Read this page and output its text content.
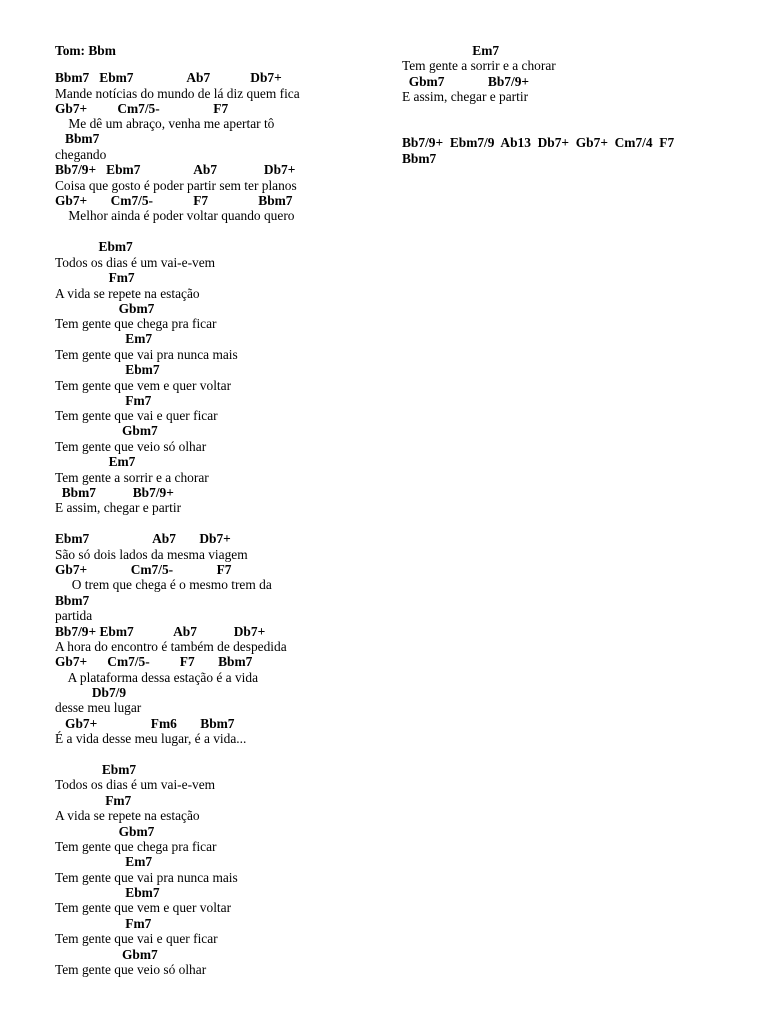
Tom: Bbm
Bbm7   Ebm7                Ab7            Db7+
Mande notícias do mundo de lá diz quem fica
Gb7+         Cm7/5-                F7
Me dê um abraço, venha me apertar tô
Bbm7
chegando
Bb7/9+   Ebm7                Ab7              Db7+
Coisa que gosto é poder partir sem ter planos
Gb7+       Cm7/5-            F7               Bbm7
Melhor ainda é poder voltar quando quero
Ebm7
Todos os dias é um vai-e-vem
Fm7
A vida se repete na estação
Gbm7
Tem gente que chega pra ficar
Em7
Tem gente que vai pra nunca mais
Ebm7
Tem gente que vem e quer voltar
Fm7
Tem gente que vai e quer ficar
Gbm7
Tem gente que veio só olhar
Em7
Tem gente a sorrir e a chorar
Bbm7           Bb7/9+
E assim, chegar e partir
Ebm7                   Ab7       Db7+
São só dois lados da mesma viagem
Gb7+             Cm7/5-             F7
O trem que chega é o mesmo trem da
Bbm7
partida
Bb7/9+ Ebm7            Ab7           Db7+
A hora do encontro é também de despedida
Gb7+      Cm7/5-         F7       Bbm7
A plataforma dessa estação é a vida
Db7/9
desse meu lugar
Gb7+                Fm6       Bbm7
É a vida desse meu lugar, é a vida...
Ebm7
Todos os dias é um vai-e-vem
Fm7
A vida se repete na estação
Gbm7
Tem gente que chega pra ficar
Em7
Tem gente que vai pra nunca mais
Ebm7
Tem gente que vem e quer voltar
Fm7
Tem gente que vai e quer ficar
Gbm7
Tem gente que veio só olhar
Em7
Tem gente a sorrir e a chorar
Gbm7             Bb7/9+
E assim, chegar e partir
Bb7/9+  Ebm7/9  Ab13  Db7+  Gb7+  Cm7/4  F7
Bbm7
